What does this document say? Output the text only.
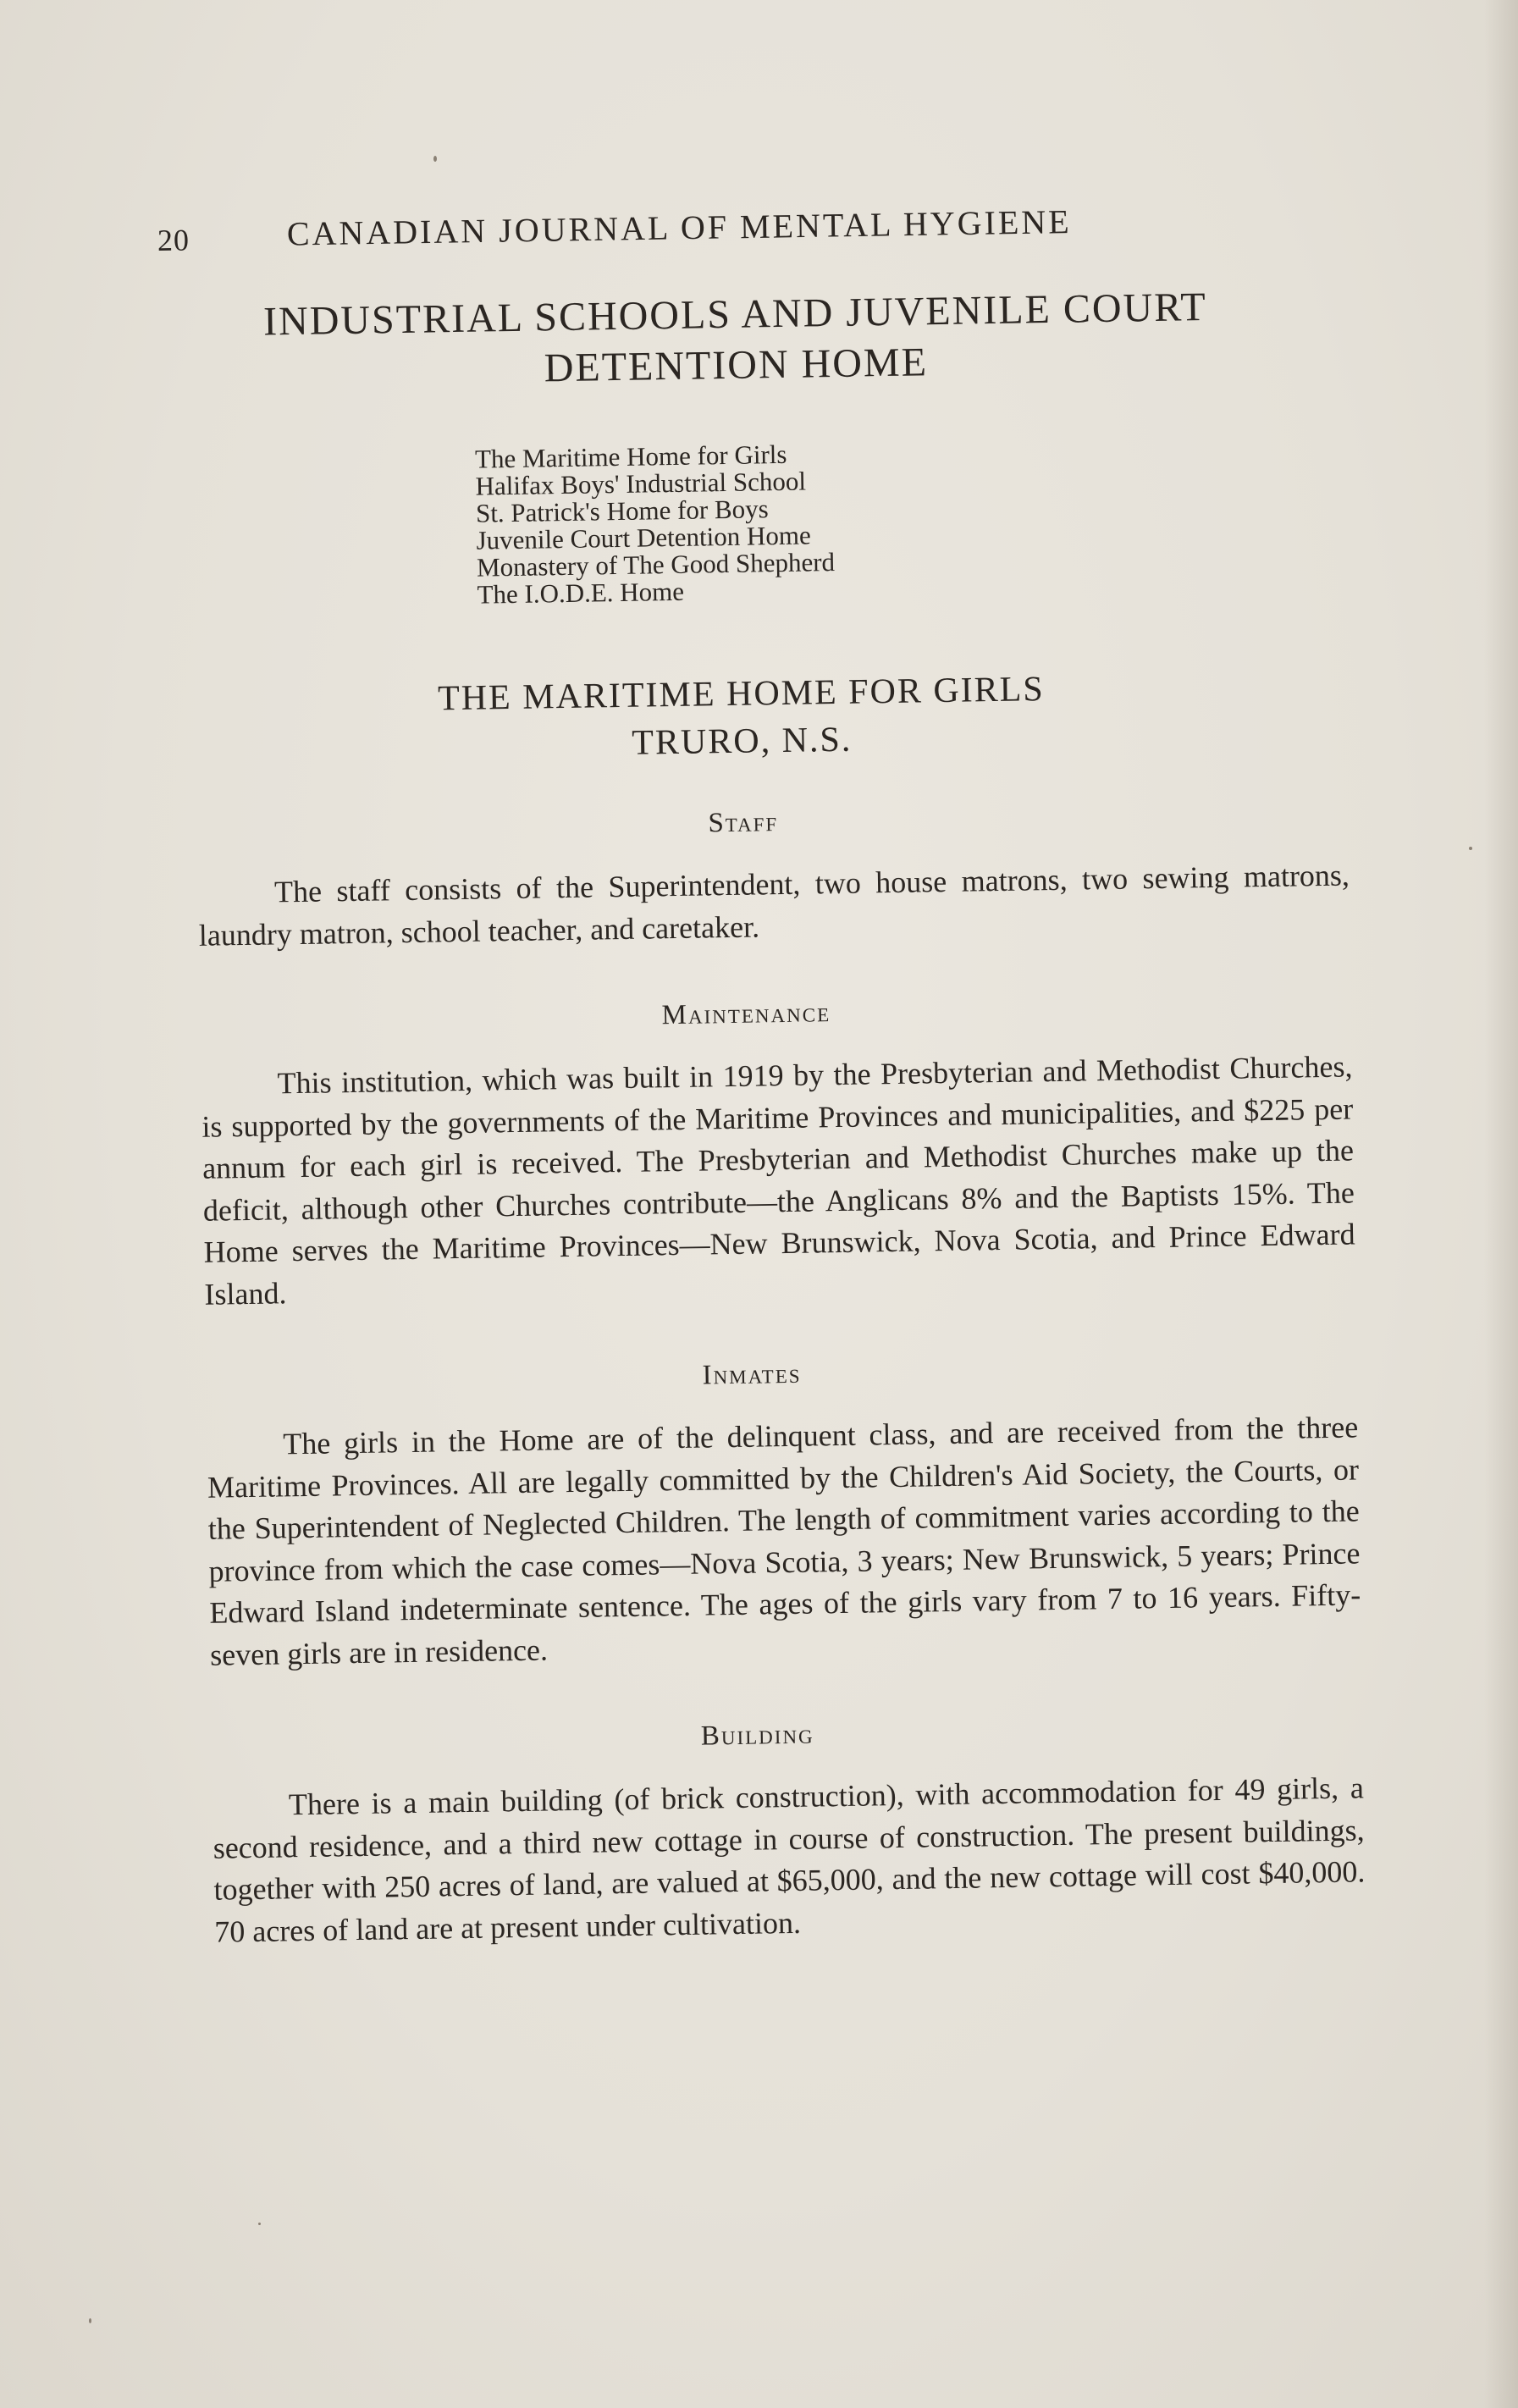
20	CANADIAN JOURNAL OF MENTAL HYGIENE
INDUSTRIAL SCHOOLS AND JUVENILE COURT
DETENTION HOME
The Maritime Home for Girls
Halifax Boys' Industrial School
St. Patrick's Home for Boys
Juvenile Court Detention Home
Monastery of The Good Shepherd
The I.O.D.E. Home
THE MARITIME HOME FOR GIRLS
TRURO, N.S.
Staff

The staff consists of the Superintendent, two house matrons, two sewing matrons, laundry matron, school teacher, and caretaker.

Maintenance

This institution, which was built in 1919 by the Presbyterian and Methodist Churches, is supported by the governments of the Maritime Provinces and municipalities, and $225 per annum for each girl is received. The Presbyterian and Methodist Churches make up the deficit, although other Churches contribute—the Anglicans 8% and the Baptists 15%. The Home serves the Maritime Provinces—New Brunswick, Nova Scotia, and Prince Edward Island.

Inmates

The girls in the Home are of the delinquent class, and are received from the three Maritime Provinces. All are legally committed by the Children's Aid Society, the Courts, or the Superintendent of Neglected Children. The length of commitment varies according to the province from which the case comes—Nova Scotia, 3 years; New Brunswick, 5 years; Prince Edward Island indeterminate sentence. The ages of the girls vary from 7 to 16 years. Fifty-seven girls are in residence.

Building

There is a main building (of brick construction), with accommodation for 49 girls, a second residence, and a third new cottage in course of construction. The present buildings, together with 250 acres of land, are valued at $65,000, and the new cottage will cost $40,000. 70 acres of land are at present under cultivation.
